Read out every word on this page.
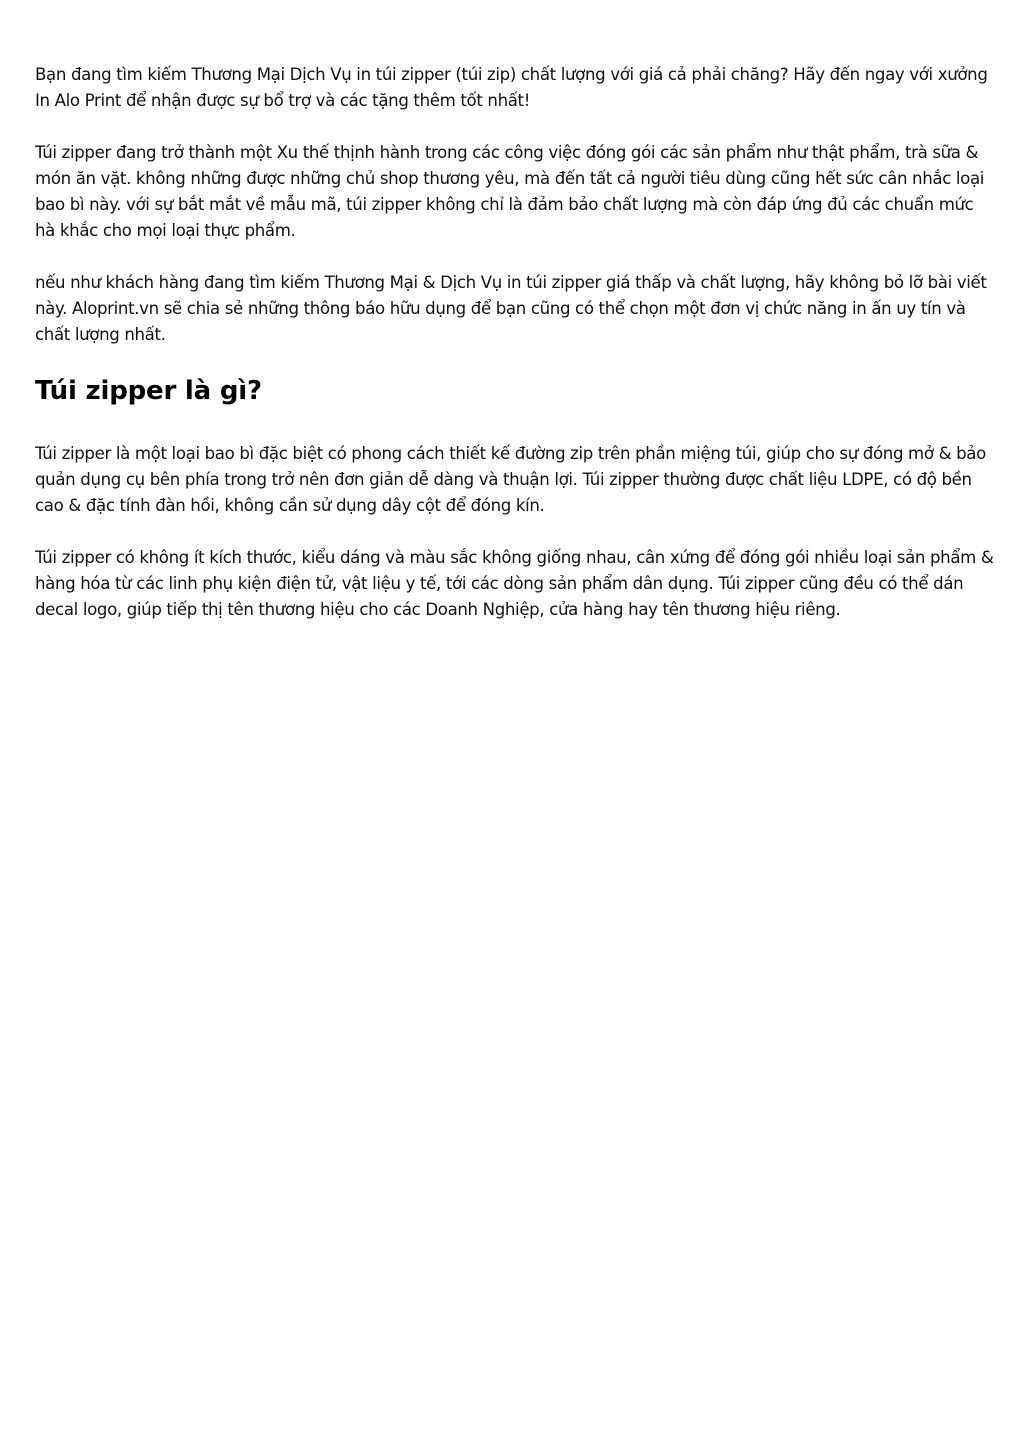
Bạn đang tìm kiếm Thương Mại Dịch Vụ in túi zipper (túi zip) chất lượng với giá cả phải chăng? Hãy đến ngay với xưởng In Alo Print để nhận được sự bổ trợ và các tặng thêm tốt nhất!

Túi zipper đang trở thành một Xu thế thịnh hành trong các công việc đóng gói các sản phẩm như thật phẩm, trà sữa & món ăn vặt. không những được những chủ shop thương yêu, mà đến tất cả người tiêu dùng cũng hết sức cân nhắc loại bao bì này. với sự bắt mắt về mẫu mã, túi zipper không chỉ là đảm bảo chất lượng mà còn đáp ứng đủ các chuẩn mức hà khắc cho mọi loại thực phẩm.

nếu như khách hàng đang tìm kiếm Thương Mại & Dịch Vụ in túi zipper giá thấp và chất lượng, hãy không bỏ lỡ bài viết này. Aloprint.vn sẽ chia sẻ những thông báo hữu dụng để bạn cũng có thể chọn một đơn vị chức năng in ấn uy tín và chất lượng nhất.

Túi zipper là gì?

Túi zipper là một loại bao bì đặc biệt có phong cách thiết kế đường zip trên phần miệng túi, giúp cho sự đóng mở & bảo quản dụng cụ bên phía trong trở nên đơn giản dễ dàng và thuận lợi. Túi zipper thường được chất liệu LDPE, có độ bền cao & đặc tính đàn hồi, không cần sử dụng dây cột để đóng kín.

Túi zipper có không ít kích thước, kiểu dáng và màu sắc không giống nhau, cân xứng để đóng gói nhiều loại sản phẩm & hàng hóa từ các linh phụ kiện điện tử, vật liệu y tế, tới các dòng sản phẩm dân dụng. Túi zipper cũng đều có thể dán decal logo, giúp tiếp thị tên thương hiệu cho các Doanh Nghiệp, cửa hàng hay tên thương hiệu riêng.
